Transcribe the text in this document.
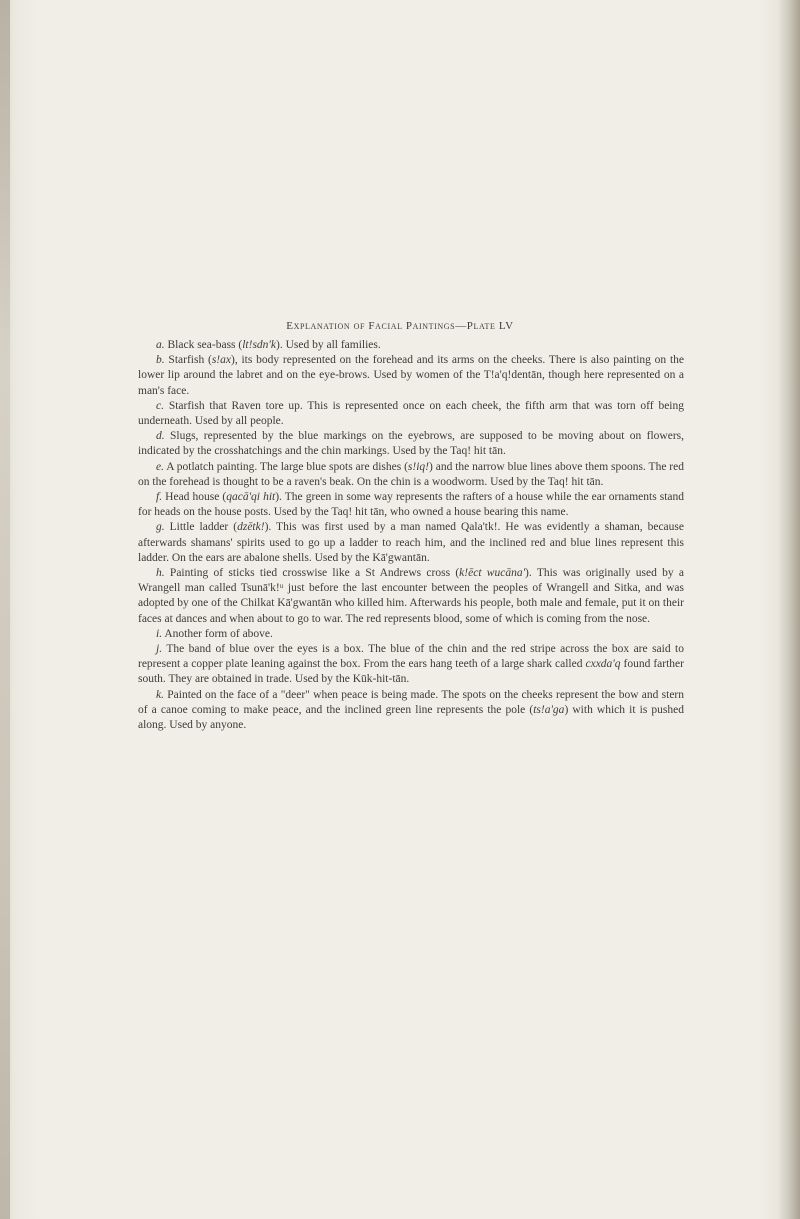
Explanation of Facial Paintings—Plate LV

a. Black sea-bass (lt!sdn'k). Used by all families.

b. Starfish (s!ax), its body represented on the forehead and its arms on the cheeks. There is also painting on the lower lip around the labret and on the eye-brows. Used by women of the T!a'q!dentān, though here represented on a man's face.

c. Starfish that Raven tore up. This is represented once on each cheek, the fifth arm that was torn off being underneath. Used by all people.

d. Slugs, represented by the blue markings on the eyebrows, are supposed to be moving about on flowers, indicated by the crosshatchings and the chin markings. Used by the Taq! hit tān.

e. A potlatch painting. The large blue spots are dishes (s!iq!) and the narrow blue lines above them spoons. The red on the forehead is thought to be a raven's beak. On the chin is a woodworm. Used by the Taq! hit tān.

f. Head house (qacā'qi hit). The green in some way represents the rafters of a house while the ear ornaments stand for heads on the house posts. Used by the Taq! hit tān, who owned a house bearing this name.

g. Little ladder (dzētk!). This was first used by a man named Qala'tk!. He was evidently a shaman, because afterwards shamans' spirits used to go up a ladder to reach him, and the inclined red and blue lines represent this ladder. On the ears are abalone shells. Used by the Kā'gwantān.

h. Painting of sticks tied crosswise like a St Andrews cross (k!ēct wucāna'). This was originally used by a Wrangell man called Tsunā'k!ᵘ just before the last encounter between the peoples of Wrangell and Sitka, and was adopted by one of the Chilkat Kā'gwantān who killed him. Afterwards his people, both male and female, put it on their faces at dances and when about to go to war. The red represents blood, some of which is coming from the nose.

i. Another form of above.

j. The band of blue over the eyes is a box. The blue of the chin and the red stripe across the box are said to represent a copper plate leaning against the box. From the ears hang teeth of a large shark called cxxda'q found farther south. They are obtained in trade. Used by the Kūk-hit-tān.

k. Painted on the face of a "deer" when peace is being made. The spots on the cheeks represent the bow and stern of a canoe coming to make peace, and the inclined green line represents the pole (ts!a'ga) with which it is pushed along. Used by anyone.
